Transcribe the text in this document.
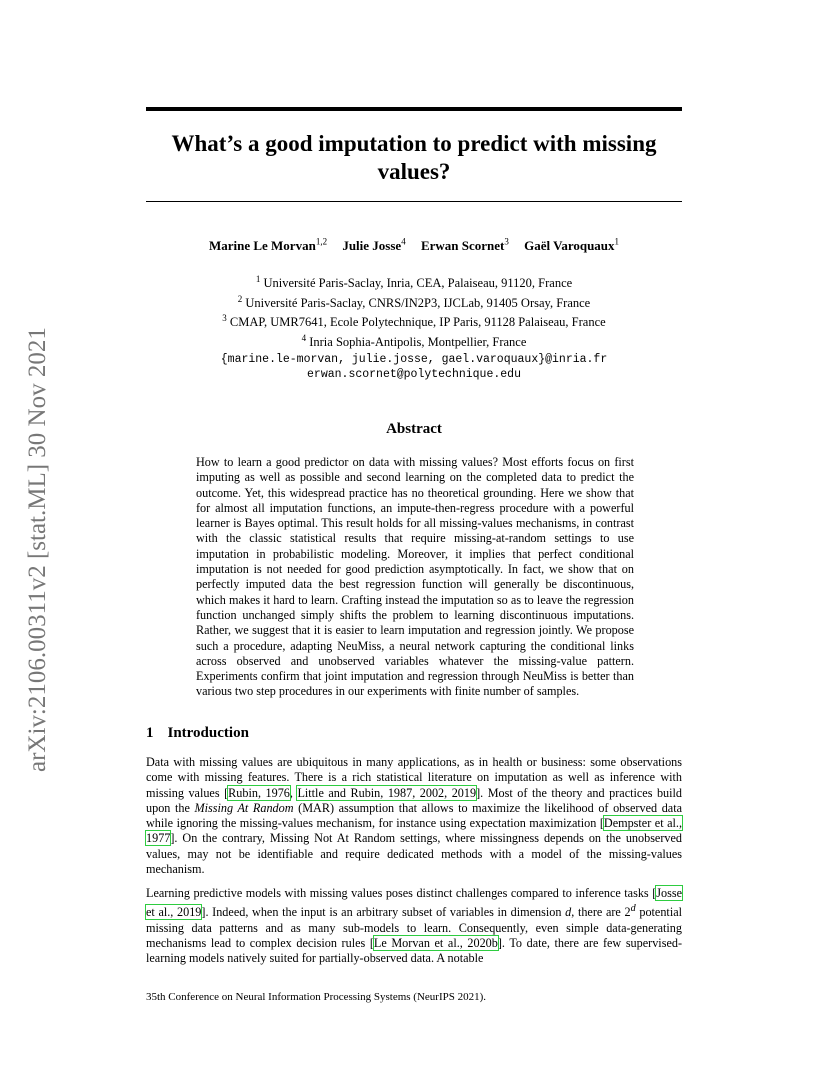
arXiv:2106.00311v2 [stat.ML] 30 Nov 2021
What’s a good imputation to predict with missing values?
Marine Le Morvan$^{1,2}$ Julie Josse$^4$ Erwan Scornet$^3$ Gaël Varoquaux$^1$
$^1$ Université Paris-Saclay, Inria, CEA, Palaiseau, 91120, France
$^2$ Université Paris-Saclay, CNRS/IN2P3, IJCLab, 91405 Orsay, France
$^3$ CMAP, UMR7641, Ecole Polytechnique, IP Paris, 91128 Palaiseau, France
$^4$ Inria Sophia-Antipolis, Montpellier, France
{marine.le-morvan, julie.josse, gael.varoquaux}@inria.fr
erwan.scornet@polytechnique.edu
Abstract
How to learn a good predictor on data with missing values? Most efforts focus on first imputing as well as possible and second learning on the completed data to predict the outcome. Yet, this widespread practice has no theoretical grounding. Here we show that for almost all imputation functions, an impute-then-regress procedure with a powerful learner is Bayes optimal. This result holds for all missing-values mechanisms, in contrast with the classic statistical results that require missing-at-random settings to use imputation in probabilistic modeling. Moreover, it implies that perfect conditional imputation is not needed for good prediction asymptotically. In fact, we show that on perfectly imputed data the best regression function will generally be discontinuous, which makes it hard to learn. Crafting instead the imputation so as to leave the regression function unchanged simply shifts the problem to learning discontinuous imputations. Rather, we suggest that it is easier to learn imputation and regression jointly. We propose such a procedure, adapting NeuMiss, a neural network capturing the conditional links across observed and unobserved variables whatever the missing-value pattern. Experiments confirm that joint imputation and regression through NeuMiss is better than various two step procedures in our experiments with finite number of samples.
1 Introduction
Data with missing values are ubiquitous in many applications, as in health or business: some observations come with missing features. There is a rich statistical literature on imputation as well as inference with missing values [Rubin, 1976, Little and Rubin, 1987, 2002, 2019]. Most of the theory and practices build upon the Missing At Random (MAR) assumption that allows to maximize the likelihood of observed data while ignoring the missing-values mechanism, for instance using expectation maximization [Dempster et al., 1977]. On the contrary, Missing Not At Random settings, where missingness depends on the unobserved values, may not be identifiable and require dedicated methods with a model of the missing-values mechanism.
Learning predictive models with missing values poses distinct challenges compared to inference tasks [Josse et al., 2019]. Indeed, when the input is an arbitrary subset of variables in dimension d, there are 2$^d$ potential missing data patterns and as many sub-models to learn. Consequently, even simple data-generating mechanisms lead to complex decision rules [Le Morvan et al., 2020b]. To date, there are few supervised-learning models natively suited for partially-observed data. A notable
35th Conference on Neural Information Processing Systems (NeurIPS 2021).
